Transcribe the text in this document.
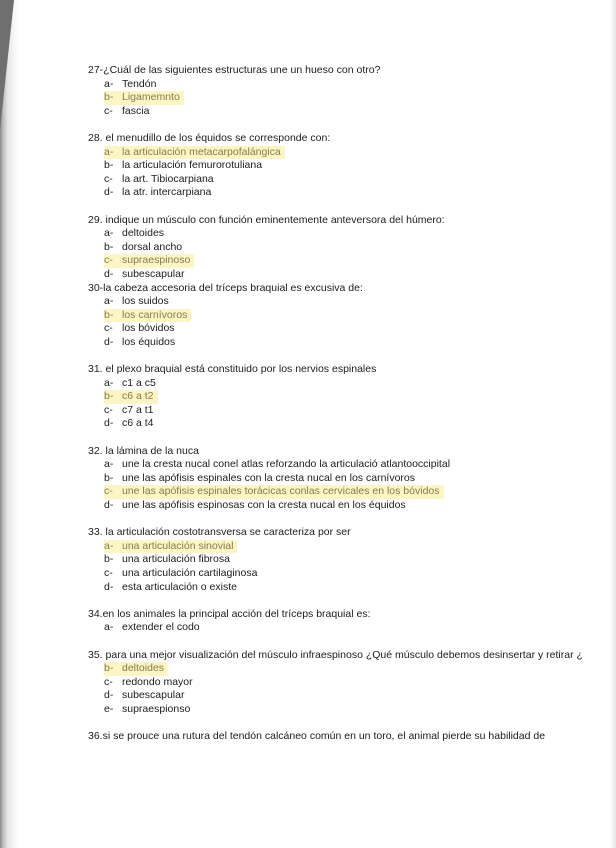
27-¿Cuál de las siguientes estructuras une un hueso con otro?
a- Tendón
b- Ligamemnto
c- fascia
28. el menudillo de los équidos se corresponde con:
a- la articulación metacarpofalángica
b- la articulación femurorotuliana
c- la art. Tibiocarpiana
d- la atr. intercarpiana
29. indique un músculo con función eminentemente anteversora del húmero:
a- deltoides
b- dorsal ancho
c- supraespinoso
d- subescapular
30-la cabeza accesoria del tríceps braquial es excusiva de:
a- los suidos
b- los carnívoros
c- los bóvidos
d- los équidos
31. el plexo braquial está constituido por los nervios espinales
a- c1 a c5
b- c6 a t2
c- c7 a t1
d- c6 a t4
32. la lámina de la nuca
a- une la cresta nucal conel atlas reforzando la articulació atlantooccipital
b- une las apófisis espinales con la cresta nucal en los carnívoros
c- une las apófisis espinales torácicas conlas cervicales en los bóvidos
d- une las apófisis espinosas con la cresta nucal en los équidos
33. la articulación costotransversa se caracteriza por ser
a- una articulación sinovial
b- una articulación fibrosa
c- una articulación cartilaginosa
d- esta articulación o existe
34.en los animales la principal acción del tríceps braquial es:
a- extender el codo
35. para una mejor visualización del músculo infraespinoso ¿Qué músculo debemos desinsertar y retirar ¿
b- deltoides
c- redondo mayor
d- subescapular
e- supraespionso
36.si se prouce una rutura del tendón calcáneo común en un toro, el animal pierde su habilidad de
